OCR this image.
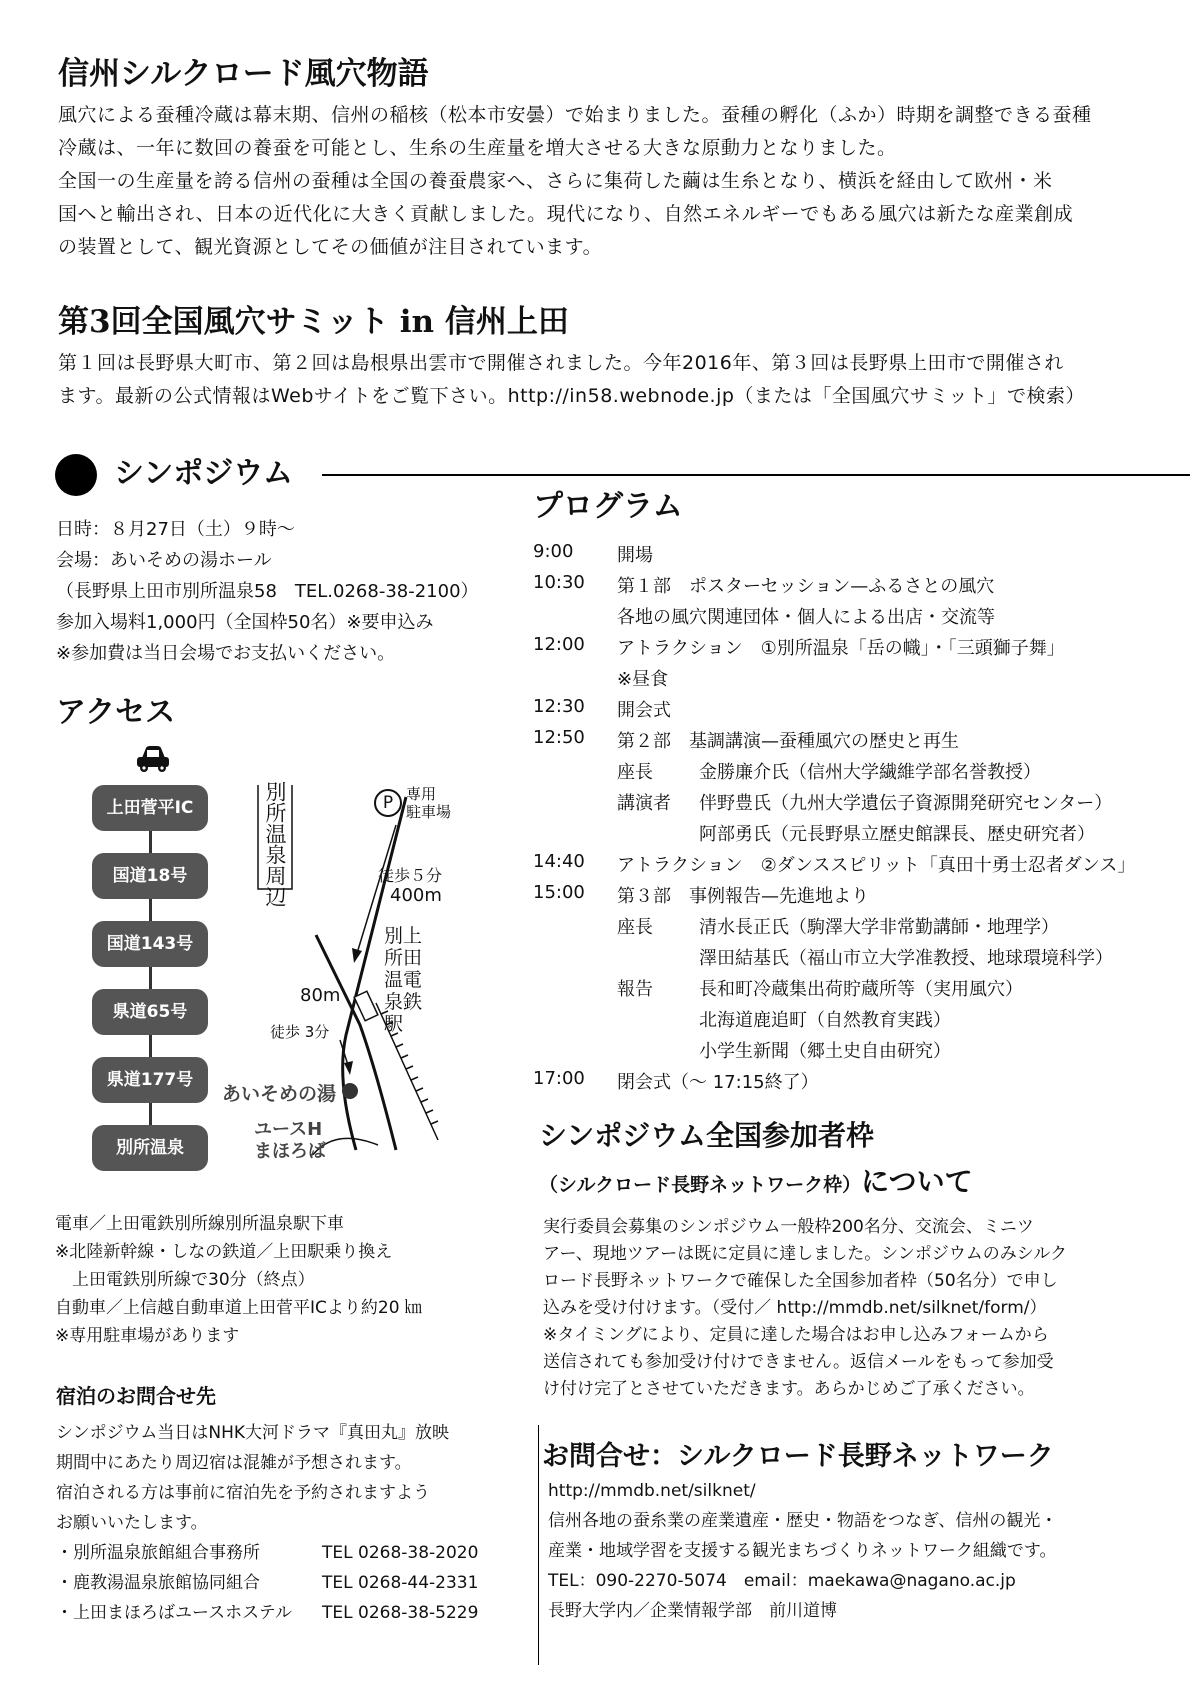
信州シルクロード風穴物語

風穴による蚕種冷蔵は幕末期、信州の稲核（松本市安曇）で始まりました。蚕種の孵化（ふか）時期を調整できる蚕種

冷蔵は、一年に数回の養蚕を可能とし、生糸の生産量を増大させる大きな原動力となりました。

全国一の生産量を誇る信州の蚕種は全国の養蚕農家へ、さらに集荷した繭は生糸となり、横浜を経由して欧州・米

国へと輸出され、日本の近代化に大きく貢献しました。現代になり、自然エネルギーでもある風穴は新たな産業創成

の装置として、観光資源としてその価値が注目されています。

第3回全国風穴サミット in 信州上田

第１回は長野県大町市、第２回は島根県出雲市で開催されました。今年2016年、第３回は長野県上田市で開催され

ます。最新の公式情報はWebサイトをご覧下さい。http://in58.webnode.jp（または「全国風穴サミット」で検索）

シンポジウム

日時：８月27日（土）９時〜

会場：あいそめの湯ホール

（長野県上田市別所温泉58　TEL.0268-38-2100）

参加入場料1,000円（全国枠50名）※要申込み

※参加費は当日会場でお支払いください。

アクセス
上田菅平IC
国道18号
国道143号
県道65号
県道177号
別所温泉
別所温泉周辺	P 専用
駐車場
徒歩５分
400m
別上
所田
温電
泉鉄
駅
80m
徒歩 3分
あいそめの湯
ユースH
まほろば

電車／上田電鉄別所線別所温泉駅下車

※北陸新幹線・しなの鉄道／上田駅乗り換え

　上田電鉄別所線で30分（終点）

自動車／上信越自動車道上田菅平ICより約20 ㎞

※専用駐車場があります

宿泊のお問合せ先

シンポジウム当日はNHK大河ドラマ『真田丸』放映

期間中にあたり周辺宿は混雑が予想されます。

宿泊される方は事前に宿泊先を予約されますよう

お願いいたします。

・別所温泉旅館組合事務所	TEL 0268-38-2020
・鹿教湯温泉旅館協同組合	TEL 0268-44-2331
・上田まほろばユースホステル TEL 0268-38-5229
プログラム
9:00 開場
10:30 第１部　ポスターセッション—ふるさとの風穴
各地の風穴関連団体・個人による出店・交流等
12:00 アトラクション　①別所温泉「岳の幟」・「三頭獅子舞」
※昼食
12:30 開会式
12:50 第２部　基調講演—蚕種風穴の歴史と再生
座長	金勝廉介氏（信州大学繊維学部名誉教授）
講演者 伴野豊氏（九州大学遺伝子資源開発研究センター）
阿部勇氏（元長野県立歴史館課長、歴史研究者）
14:40 アトラクション　②ダンススピリット「真田十勇士忍者ダンス」
15:00 第３部　事例報告—先進地より
座長	清水長正氏（駒澤大学非常勤講師・地理学）
澤田結基氏（福山市立大学准教授、地球環境科学）
報告	長和町冷蔵集出荷貯蔵所等（実用風穴）
北海道鹿追町（自然教育実践）
小学生新聞（郷土史自由研究）
17:00 閉会式（〜 17:15終了）
シンポジウム全国参加者枠
（シルクロード長野ネットワーク枠）について

実行委員会募集のシンポジウム一般枠200名分、交流会、ミニツ

アー、現地ツアーは既に定員に達しました。シンポジウムのみシルク

ロード長野ネットワークで確保した全国参加者枠（50名分）で申し

込みを受け付けます。（受付／ http://mmdb.net/silknet/form/）

※タイミングにより、定員に達した場合はお申し込みフォームから

送信されても参加受け付けできません。返信メールをもって参加受

け付け完了とさせていただきます。あらかじめご了承ください。

お問合せ：シルクロード長野ネットワーク

http://mmdb.net/silknet/

信州各地の蚕糸業の産業遺産・歴史・物語をつなぎ、信州の観光・

産業・地域学習を支援する観光まちづくりネットワーク組織です。

TEL：090-2270-5074　email：maekawa@nagano.ac.jp

長野大学内／企業情報学部　前川道博
